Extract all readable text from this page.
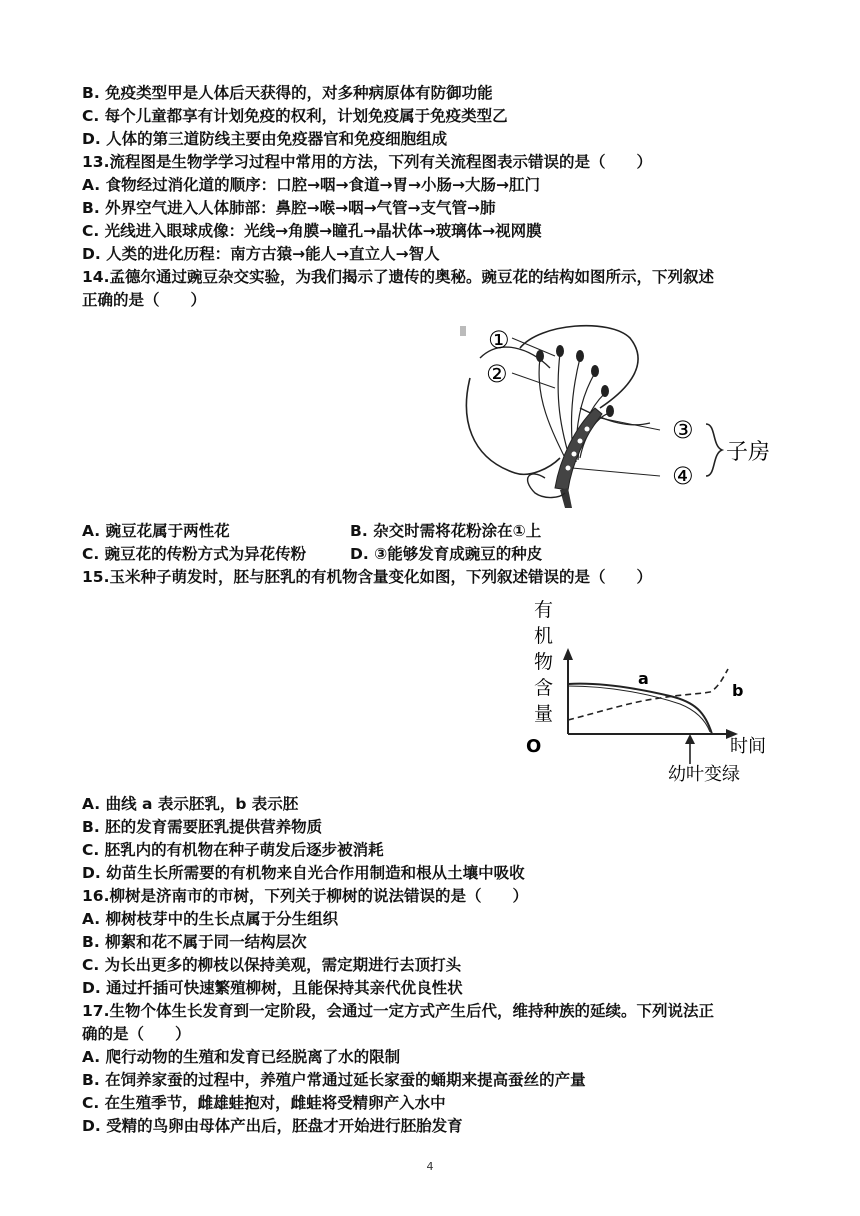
B. 免疫类型甲是人体后天获得的，对多种病原体有防御功能
C. 每个儿童都享有计划免疫的权利，计划免疫属于免疫类型乙
D. 人体的第三道防线主要由免疫器官和免疫细胞组成
13.流程图是生物学学习过程中常用的方法，下列有关流程图表示错误的是（　　）
A. 食物经过消化道的顺序：口腔→咽→食道→胃→小肠→大肠→肛门
B. 外界空气进入人体肺部：鼻腔→喉→咽→气管→支气管→肺
C. 光线进入眼球成像：光线→角膜→瞳孔→晶状体→玻璃体→视网膜
D. 人类的进化历程：南方古猿→能人→直立人→智人
14.孟德尔通过豌豆杂交实验，为我们揭示了遗传的奥秘。豌豆花的结构如图所示，下列叙述
正确的是（　　）
①
②
③
④
子房
A. 豌豆花属于两性花	B. 杂交时需将花粉涂在①上
C. 豌豆花的传粉方式为异花传粉	D. ③能够发育成豌豆的种皮
15.玉米种子萌发时，胚与胚乳的有机物含量变化如图，下列叙述错误的是（　　）
有
机
物
含
量
O	时间
a
b
幼叶变绿
A. 曲线 a 表示胚乳，b 表示胚
B. 胚的发育需要胚乳提供营养物质
C. 胚乳内的有机物在种子萌发后逐步被消耗
D. 幼苗生长所需要的有机物来自光合作用制造和根从土壤中吸收
16.柳树是济南市的市树，下列关于柳树的说法错误的是（　　）
A. 柳树枝芽中的生长点属于分生组织
B. 柳絮和花不属于同一结构层次
C. 为长出更多的柳枝以保持美观，需定期进行去顶打头
D. 通过扦插可快速繁殖柳树，且能保持其亲代优良性状
17.生物个体生长发育到一定阶段，会通过一定方式产生后代，维持种族的延续。下列说法正
确的是（　　）
A. 爬行动物的生殖和发育已经脱离了水的限制
B. 在饲养家蚕的过程中，养殖户常通过延长家蚕的蛹期来提高蚕丝的产量
C. 在生殖季节，雌雄蛙抱对，雌蛙将受精卵产入水中
D. 受精的鸟卵由母体产出后，胚盘才开始进行胚胎发育
4
